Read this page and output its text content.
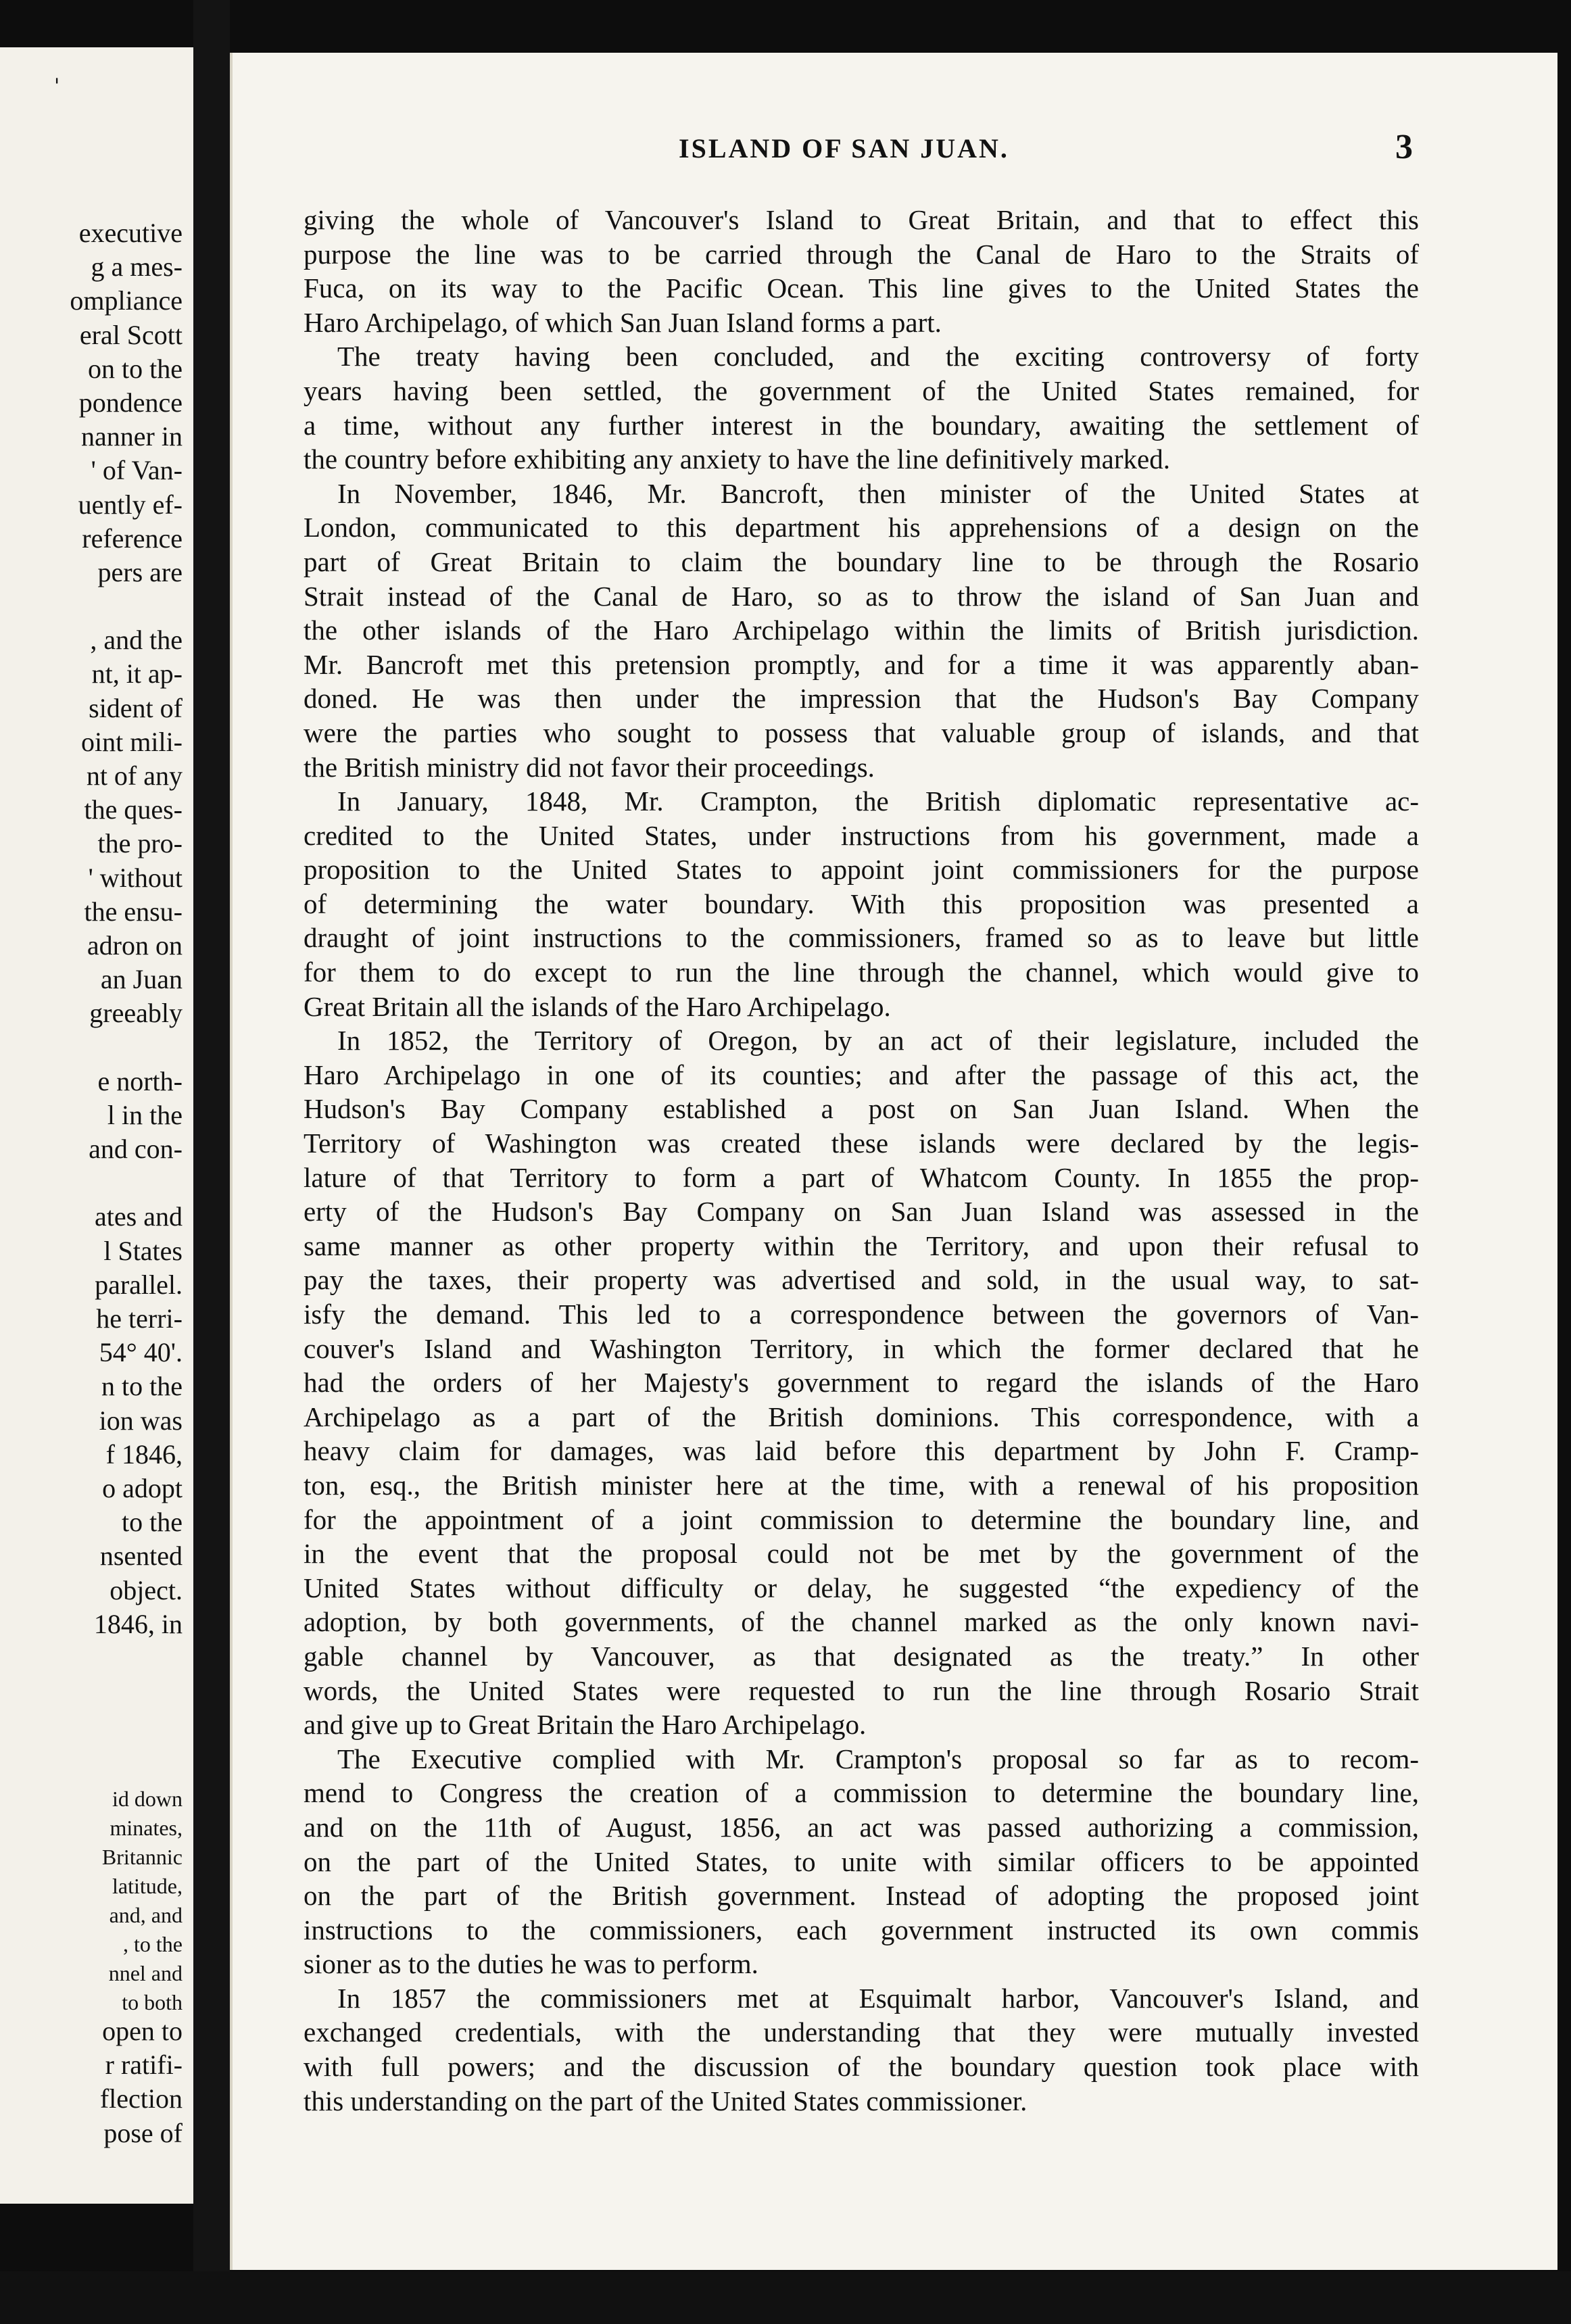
'
executive
g a mes-
ompliance
eral Scott
on to the
pondence
nanner in
' of Van-
uently ef-
reference
pers are
, and the
nt, it ap-
sident of
oint mili-
nt of any
the ques-
the pro-
' without
the ensu-
adron on
an Juan
greeably
e north-
l in the
and con-
ates and
l States
parallel.
he terri-
54° 40'.
n to the
ion was
f 1846,
o adopt
to the
nsented
object.
1846, in
id down
minates,
Britannic
latitude,
and, and
, to the
nnel and
to both
open to
r ratifi-
flection
pose of
ISLAND OF SAN JUAN.	3
giving the whole of Vancouver's Island to Great Britain, and that to effect this
purpose the line was to be carried through the Canal de Haro to the Straits of
Fuca, on its way to the Pacific Ocean. This line gives to the United States the
Haro Archipelago, of which San Juan Island forms a part.
The treaty having been concluded, and the exciting controversy of forty
years having been settled, the government of the United States remained, for
a time, without any further interest in the boundary, awaiting the settlement of
the country before exhibiting any anxiety to have the line definitively marked.
In November, 1846, Mr. Bancroft, then minister of the United States at
London, communicated to this department his apprehensions of a design on the
part of Great Britain to claim the boundary line to be through the Rosario
Strait instead of the Canal de Haro, so as to throw the island of San Juan and
the other islands of the Haro Archipelago within the limits of British jurisdiction.
Mr. Bancroft met this pretension promptly, and for a time it was apparently aban-
doned. He was then under the impression that the Hudson's Bay Company
were the parties who sought to possess that valuable group of islands, and that
the British ministry did not favor their proceedings.
In January, 1848, Mr. Crampton, the British diplomatic representative ac-
credited to the United States, under instructions from his government, made a
proposition to the United States to appoint joint commissioners for the purpose
of determining the water boundary. With this proposition was presented a
draught of joint instructions to the commissioners, framed so as to leave but little
for them to do except to run the line through the channel, which would give to
Great Britain all the islands of the Haro Archipelago.
In 1852, the Territory of Oregon, by an act of their legislature, included the
Haro Archipelago in one of its counties; and after the passage of this act, the
Hudson's Bay Company established a post on San Juan Island. When the
Territory of Washington was created these islands were declared by the legis-
lature of that Territory to form a part of Whatcom County. In 1855 the prop-
erty of the Hudson's Bay Company on San Juan Island was assessed in the
same manner as other property within the Territory, and upon their refusal to
pay the taxes, their property was advertised and sold, in the usual way, to sat-
isfy the demand. This led to a correspondence between the governors of Van-
couver's Island and Washington Territory, in which the former declared that he
had the orders of her Majesty's government to regard the islands of the Haro
Archipelago as a part of the British dominions. This correspondence, with a
heavy claim for damages, was laid before this department by John F. Cramp-
ton, esq., the British minister here at the time, with a renewal of his proposition
for the appointment of a joint commission to determine the boundary line, and
in the event that the proposal could not be met by the government of the
United States without difficulty or delay, he suggested “the expediency of the
adoption, by both governments, of the channel marked as the only known navi-
gable channel by Vancouver, as that designated as the treaty.” In other
words, the United States were requested to run the line through Rosario Strait
and give up to Great Britain the Haro Archipelago.
The Executive complied with Mr. Crampton's proposal so far as to recom-
mend to Congress the creation of a commission to determine the boundary line,
and on the 11th of August, 1856, an act was passed authorizing a commission,
on the part of the United States, to unite with similar officers to be appointed
on the part of the British government. Instead of adopting the proposed joint
instructions to the commissioners, each government instructed its own commis
sioner as to the duties he was to perform.
In 1857 the commissioners met at Esquimalt harbor, Vancouver's Island, and
exchanged credentials, with the understanding that they were mutually invested
with full powers; and the discussion of the boundary question took place with
this understanding on the part of the United States commissioner.
